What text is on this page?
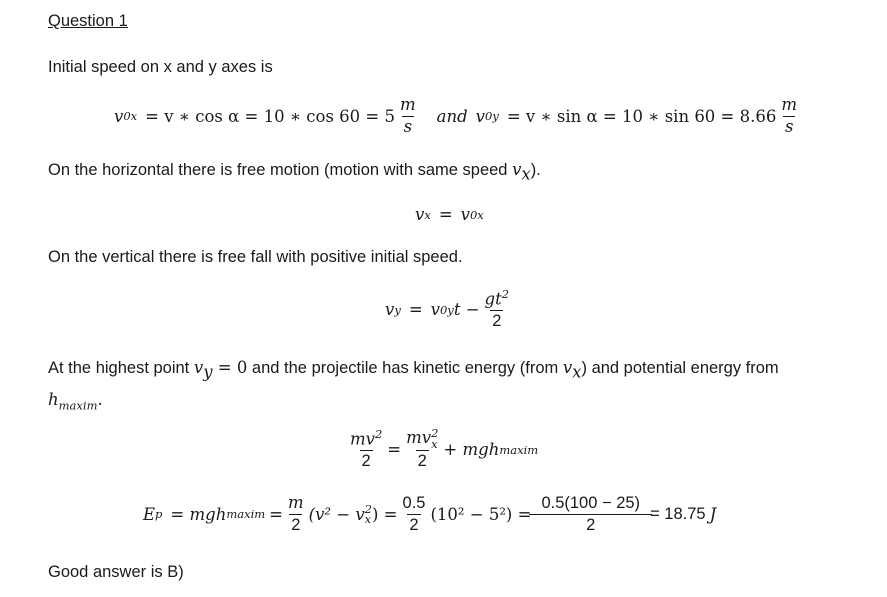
Question 1
Initial speed on x and y axes is
v 0x = v ∗ cos α = 10 ∗ $\cos 60 = 5 \frac{m}{s}$ and v 0y = v ∗ sin α = 10 ∗ $\sin 60 = 8.66 \frac{m}{s}$
On the horizontal there is free motion (motion with same speed $v_x$).
v x = v 0x
On the vertical there is free fall with positive initial speed.
v y = v 0y $t - \frac{gt^2}{2}$
At the highest point $v_y = 0$ and the projectile has kinetic energy (from $v_x$) and potential energy from
$h_{maxim}$.
$\frac{mv^2}{2}$ = mv 2
x
2 + mgh maxim
E p = mgh maxim = $\frac{m}{2} (v^2 - v$ 2
x ) = $\frac{0.5}{2} (10^2 - 5^2) = \frac{0.5(100 - 25)}{2} = 18.75$ J
Good answer is B)
